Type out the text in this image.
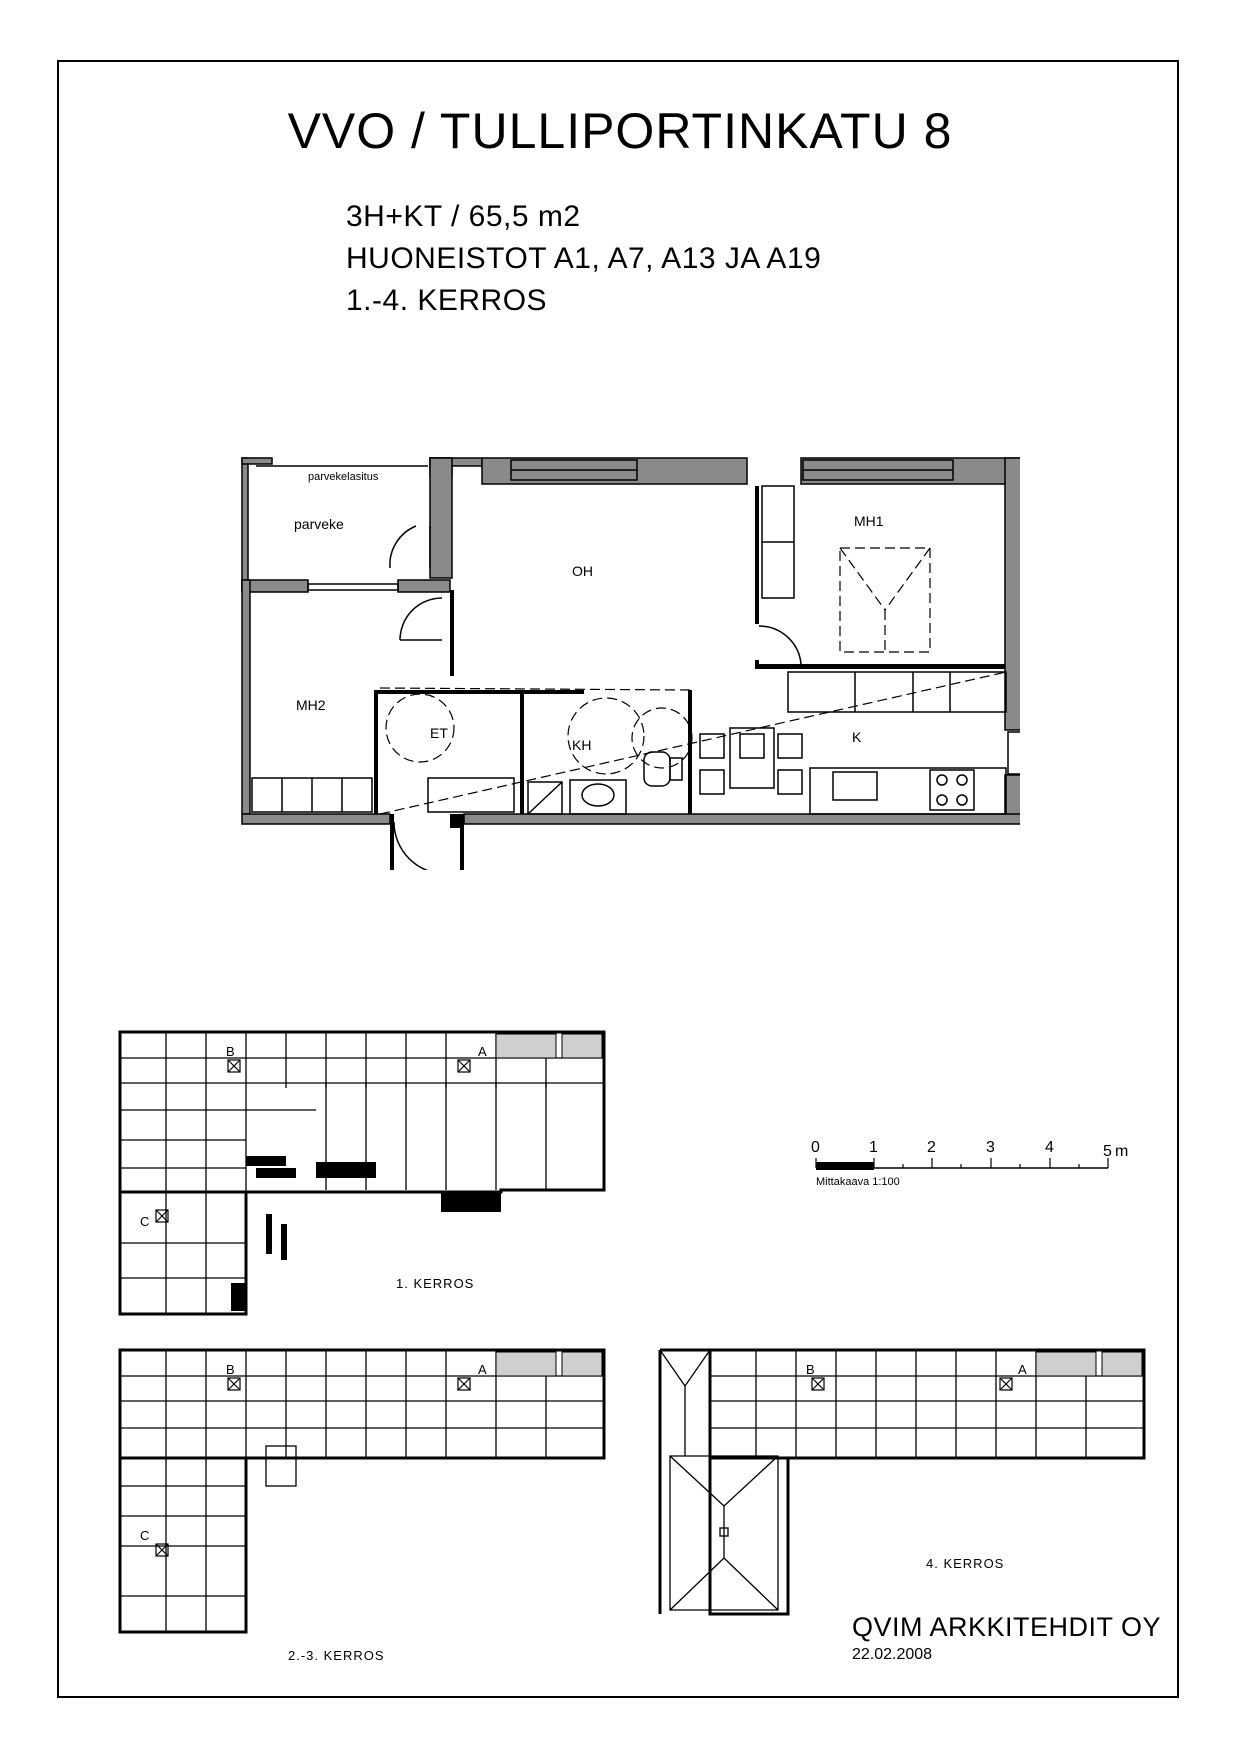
VVO / TULLIPORTINKATU 8
3H+KT / 65,5 m2
HUONEISTOT A1, A7, A13 JA A19
1.-4. KERROS
parvekelasitus
parveke
OH
MH1
MH2
ET
KH	K
0	1	2	3	4	5 m
Mittakaava 1:100
B	A
C
1. KERROS
B	A
C
2.-3. KERROS
B	A
4. KERROS
QVIM ARKKITEHDIT OY
22.02.2008
